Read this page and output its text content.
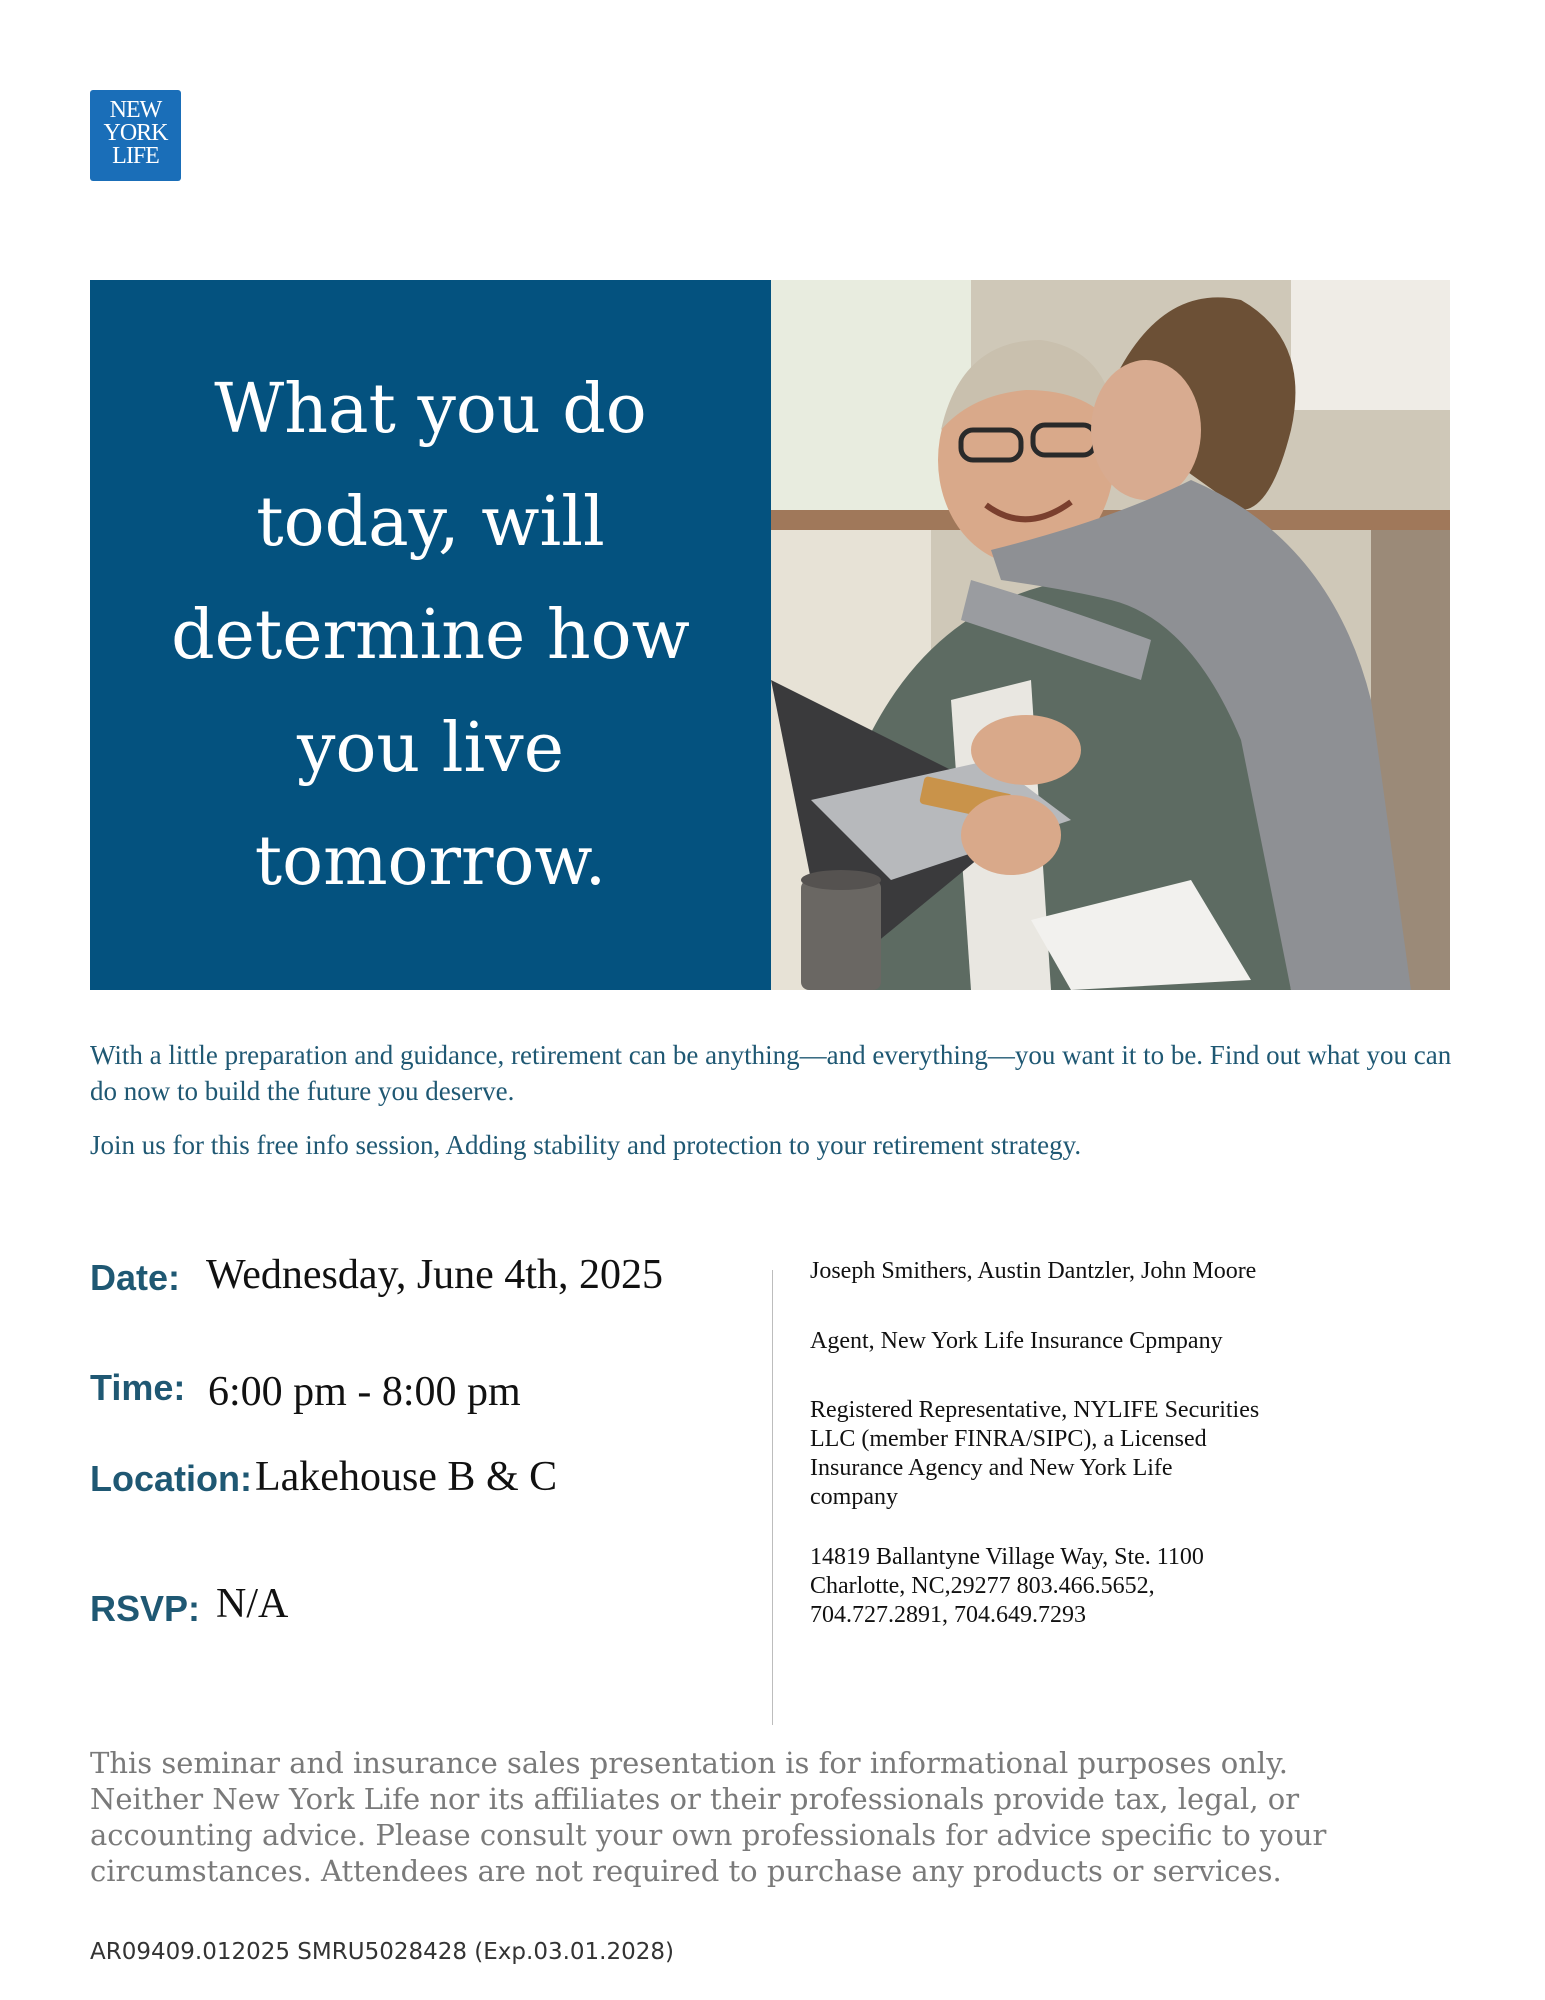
NEW
YORK
LIFE
What you do today, will determine how you live tomorrow.

With a little preparation and guidance, retirement can be anything—and everything—you want it to be. Find out what you can do now to build the future you deserve.

Join us for this free info session, Adding stability and protection to your retirement strategy.

Date: Wednesday, June 4th, 2025
Time: 6:00 pm - 8:00 pm
Location: Lakehouse B & C
RSVP: N/A
Joseph Smithers, Austin Dantzler, John Moore
Agent, New York Life Insurance Cpmpany
Registered Representative, NYLIFE Securities
LLC (member FINRA/SIPC), a Licensed
Insurance Agency and New York Life
company
14819 Ballantyne Village Way, Ste. 1100
Charlotte, NC,29277 803.466.5652,
704.727.2891, 704.649.7293

This seminar and insurance sales presentation is for informational purposes only. Neither New York Life nor its affiliates or their professionals provide tax, legal, or accounting advice. Please consult your own professionals for advice specific to your circumstances. Attendees are not required to purchase any products or services.

AR09409.012025 SMRU5028428 (Exp.03.01.2028)
